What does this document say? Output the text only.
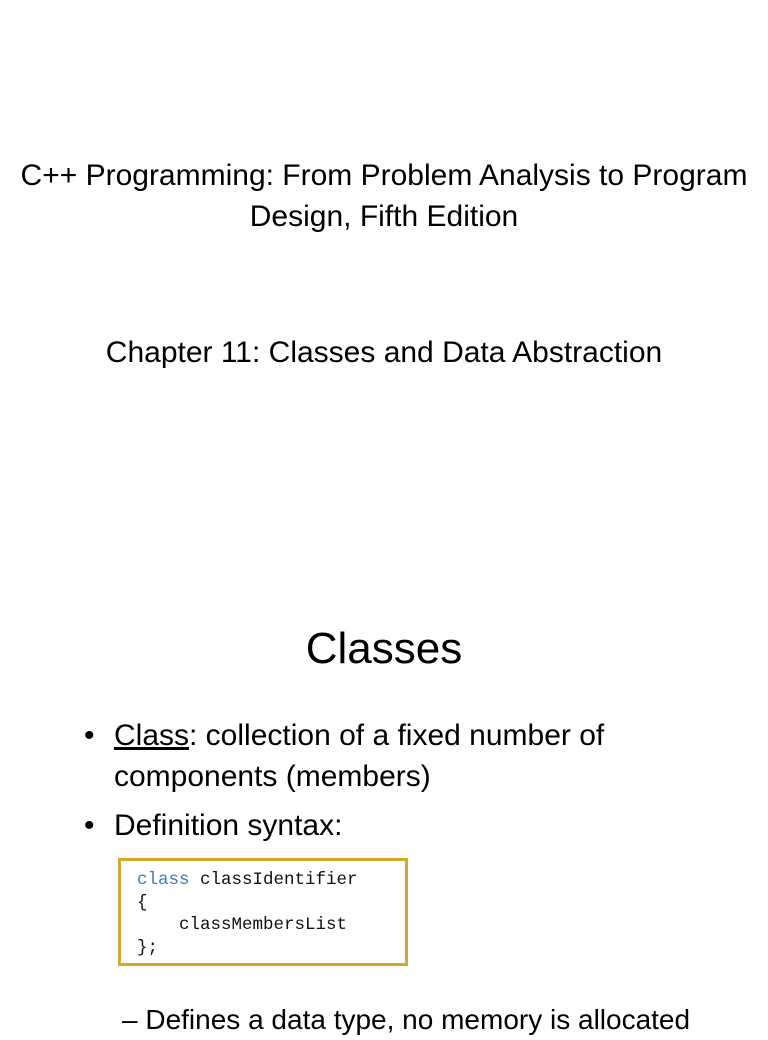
C++ Programming: From Problem Analysis to Program Design, Fifth Edition
Chapter 11: Classes and Data Abstraction
Classes
• Class: collection of a fixed number of components (members)
• Definition syntax:
class classIdentifier
{
classMembersList
};
– Defines a data type, no memory is allocated
